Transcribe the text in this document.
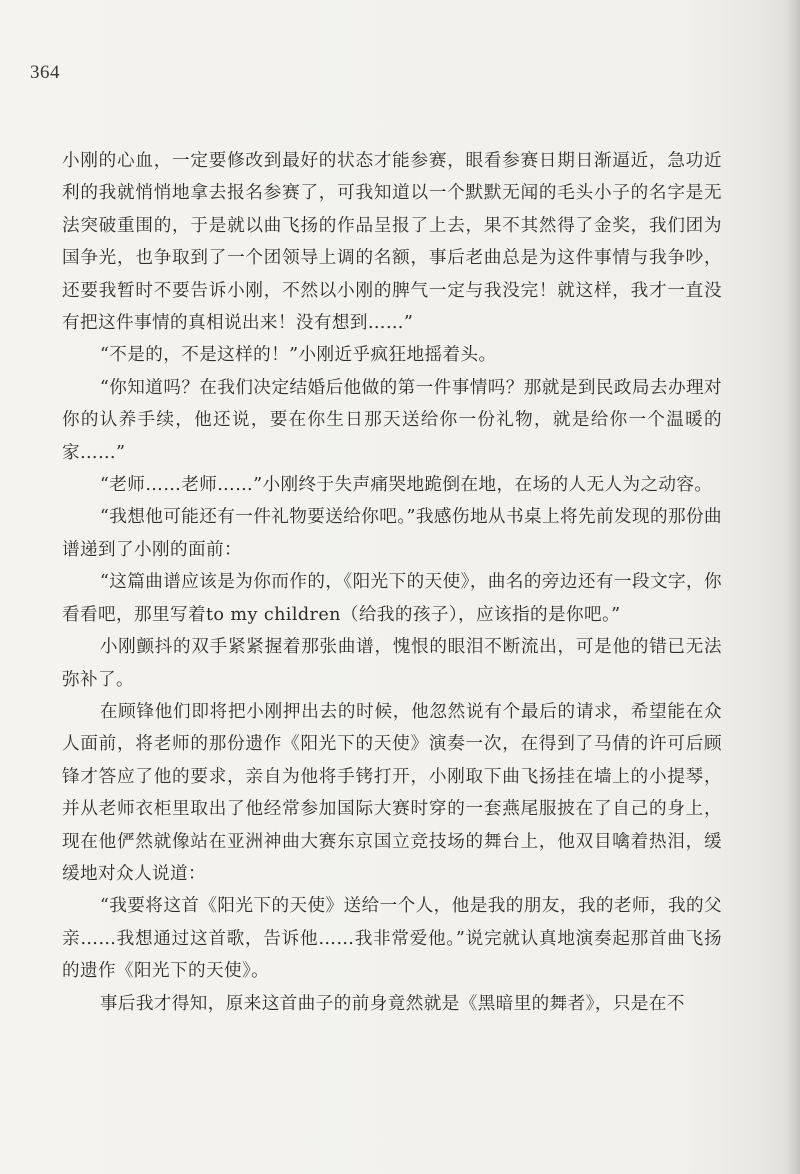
364

小刚的心血，一定要修改到最好的状态才能参赛，眼看参赛日期日渐逼近，急功近利的我就悄悄地拿去报名参赛了，可我知道以一个默默无闻的毛头小子的名字是无法突破重围的，于是就以曲飞扬的作品呈报了上去，果不其然得了金奖，我们团为国争光，也争取到了一个团领导上调的名额，事后老曲总是为这件事情与我争吵，还要我暂时不要告诉小刚，不然以小刚的脾气一定与我没完！就这样，我才一直没有把这件事情的真相说出来！没有想到……”

“不是的，不是这样的！”小刚近乎疯狂地摇着头。

“你知道吗？在我们决定结婚后他做的第一件事情吗？那就是到民政局去办理对你的认养手续，他还说，要在你生日那天送给你一份礼物，就是给你一个温暖的家……”

“老师……老师……”小刚终于失声痛哭地跪倒在地，在场的人无人为之动容。

“我想他可能还有一件礼物要送给你吧。”我感伤地从书桌上将先前发现的那份曲谱递到了小刚的面前：

“这篇曲谱应该是为你而作的，《阳光下的天使》，曲名的旁边还有一段文字，你看看吧，那里写着to my children（给我的孩子），应该指的是你吧。”

小刚颤抖的双手紧紧握着那张曲谱，愧恨的眼泪不断流出，可是他的错已无法弥补了。

在顾锋他们即将把小刚押出去的时候，他忽然说有个最后的请求，希望能在众人面前，将老师的那份遗作《阳光下的天使》演奏一次，在得到了马倩的许可后顾锋才答应了他的要求，亲自为他将手铐打开，小刚取下曲飞扬挂在墙上的小提琴，并从老师衣柜里取出了他经常参加国际大赛时穿的一套燕尾服披在了自己的身上，现在他俨然就像站在亚洲神曲大赛东京国立竞技场的舞台上，他双目噙着热泪，缓缓地对众人说道：

“我要将这首《阳光下的天使》送给一个人，他是我的朋友，我的老师，我的父亲……我想通过这首歌，告诉他……我非常爱他。”说完就认真地演奏起那首曲飞扬的遗作《阳光下的天使》。

事后我才得知，原来这首曲子的前身竟然就是《黑暗里的舞者》，只是在不
